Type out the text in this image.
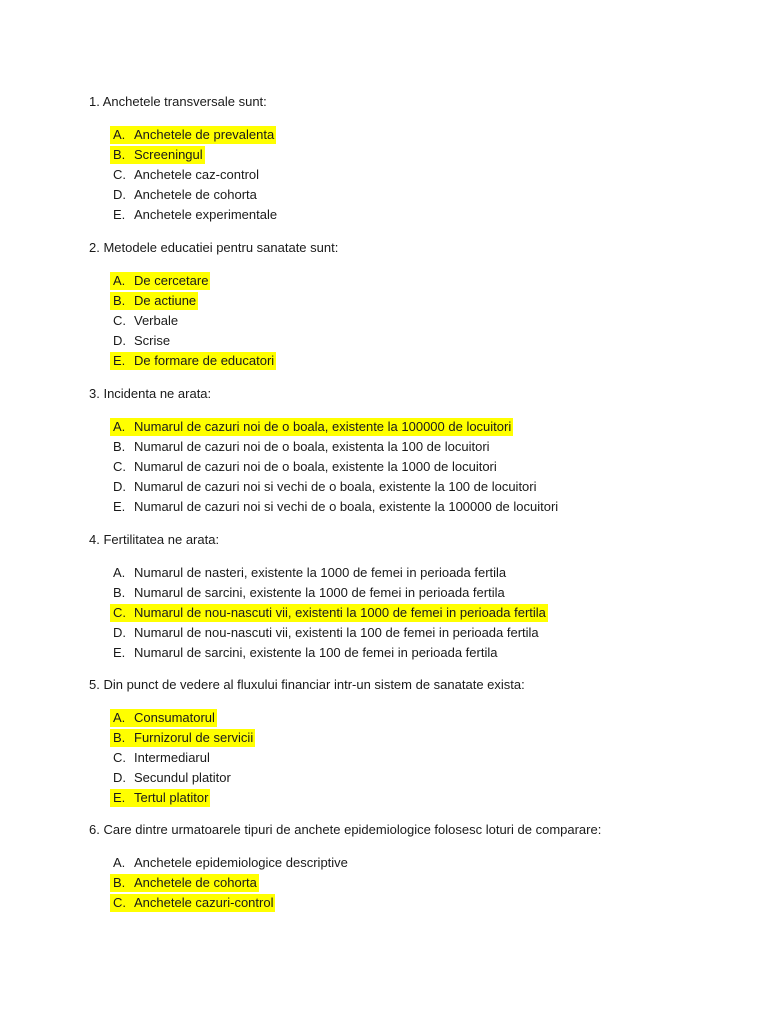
1. Anchetele transversale sunt:

A. Anchetele de prevalenta
B. Screeningul
C. Anchetele caz-control
D. Anchetele de cohorta
E. Anchetele experimentale

2. Metodele educatiei pentru sanatate sunt:

A. De cercetare
B. De actiune
C. Verbale
D. Scrise
E. De formare de educatori

3. Incidenta ne arata:

A. Numarul de cazuri noi de o boala, existente la 100000 de locuitori
B. Numarul de cazuri noi de o boala, existenta la 100 de locuitori
C. Numarul de cazuri noi de o boala, existente la 1000 de locuitori
D. Numarul de cazuri noi si vechi de o boala, existente la 100 de locuitori
E. Numarul de cazuri noi si vechi de o boala, existente la 100000 de locuitori

4. Fertilitatea ne arata:

A. Numarul de nasteri, existente la 1000 de femei in perioada fertila
B. Numarul de sarcini, existente la 1000 de femei in perioada fertila
C. Numarul de nou-nascuti vii, existenti la 1000 de femei in perioada fertila
D. Numarul de nou-nascuti vii, existenti la 100 de femei in perioada fertila
E. Numarul de sarcini, existente la 100 de femei in perioada fertila

5. Din punct de vedere al fluxului financiar intr-un sistem de sanatate exista:

A. Consumatorul
B. Furnizorul de servicii
C. Intermediarul
D. Secundul platitor
E. Tertul platitor

6. Care dintre urmatoarele tipuri de anchete epidemiologice folosesc loturi de comparare:

A. Anchetele epidemiologice descriptive
B. Anchetele de cohorta
C. Anchetele cazuri-control
